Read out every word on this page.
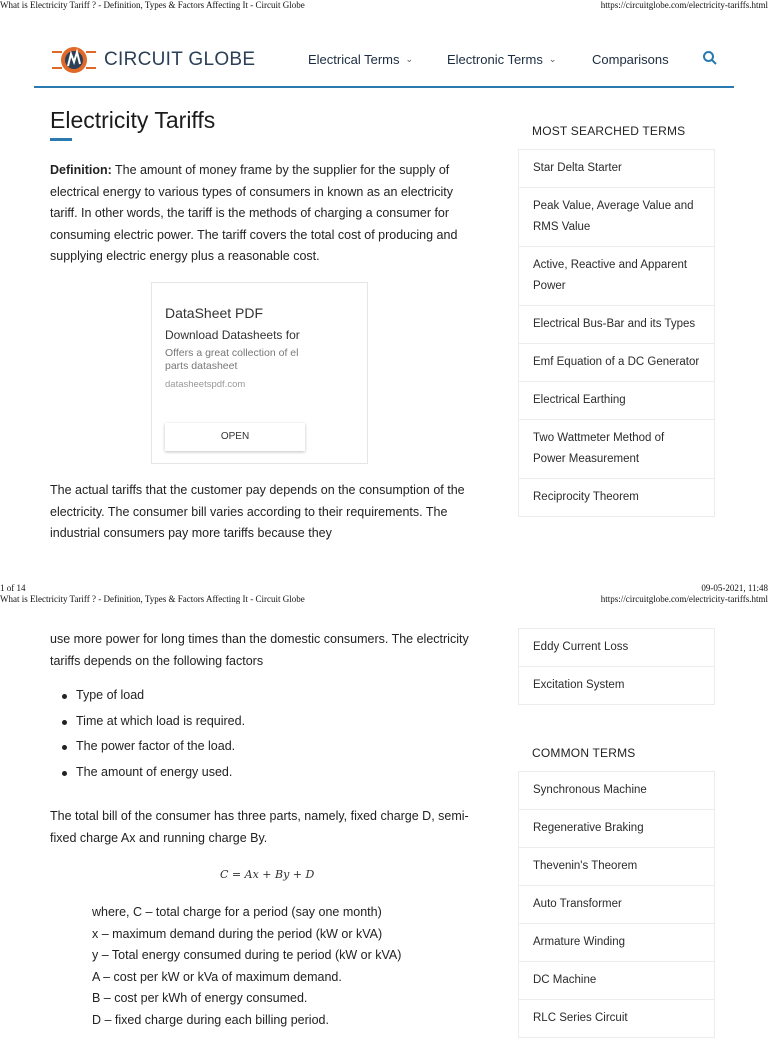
What is Electricity Tariff ? - Definition, Types & Factors Affecting It - Circuit Globe	https://circuitglobe.com/electricity-tariffs.html
1 of 14	09-05-2021, 11:48
What is Electricity Tariff ? - Definition, Types & Factors Affecting It - Circuit Globe	https://circuitglobe.com/electricity-tariffs.html
CIRCUIT GLOBE	Electrical Terms ⌄	Electronic Terms ⌄	Comparisons
Electricity Tariffs
Definition: The amount of money frame by the supplier for the supply of electrical energy to various types of consumers in known as an electricity tariff. In other words, the tariff is the methods of charging a consumer for consuming electric power. The tariff covers the total cost of producing and supplying electric energy plus a reasonable cost.
DataSheet PDF
Download Datasheets for
Offers a great collection of el parts datasheet
datasheetspdf.com
OPEN
The actual tariffs that the customer pay depends on the consumption of the electricity. The consumer bill varies according to their requirements. The industrial consumers pay more tariffs because they
use more power for long times than the domestic consumers. The electricity tariffs depends on the following factors
Type of load
Time at which load is required.
The power factor of the load.
The amount of energy used.
The total bill of the consumer has three parts, namely, fixed charge D, semi-fixed charge Ax and running charge By.
C = Ax + By + D
where, C – total charge for a period (say one month)
x – maximum demand during the period (kW or kVA)
y – Total energy consumed during te period (kW or kVA)
A – cost per kW or kVa of maximum demand.
B – cost per kWh of energy consumed.
D – fixed charge during each billing period.
MOST SEARCHED TERMS
Star Delta Starter
Peak Value, Average Value and RMS Value
Active, Reactive and Apparent Power
Electrical Bus-Bar and its Types
Emf Equation of a DC Generator
Electrical Earthing
Two Wattmeter Method of Power Measurement
Reciprocity Theorem
Eddy Current Loss
Excitation System
COMMON TERMS
Synchronous Machine
Regenerative Braking
Thevenin's Theorem
Auto Transformer
Armature Winding
DC Machine
RLC Series Circuit
